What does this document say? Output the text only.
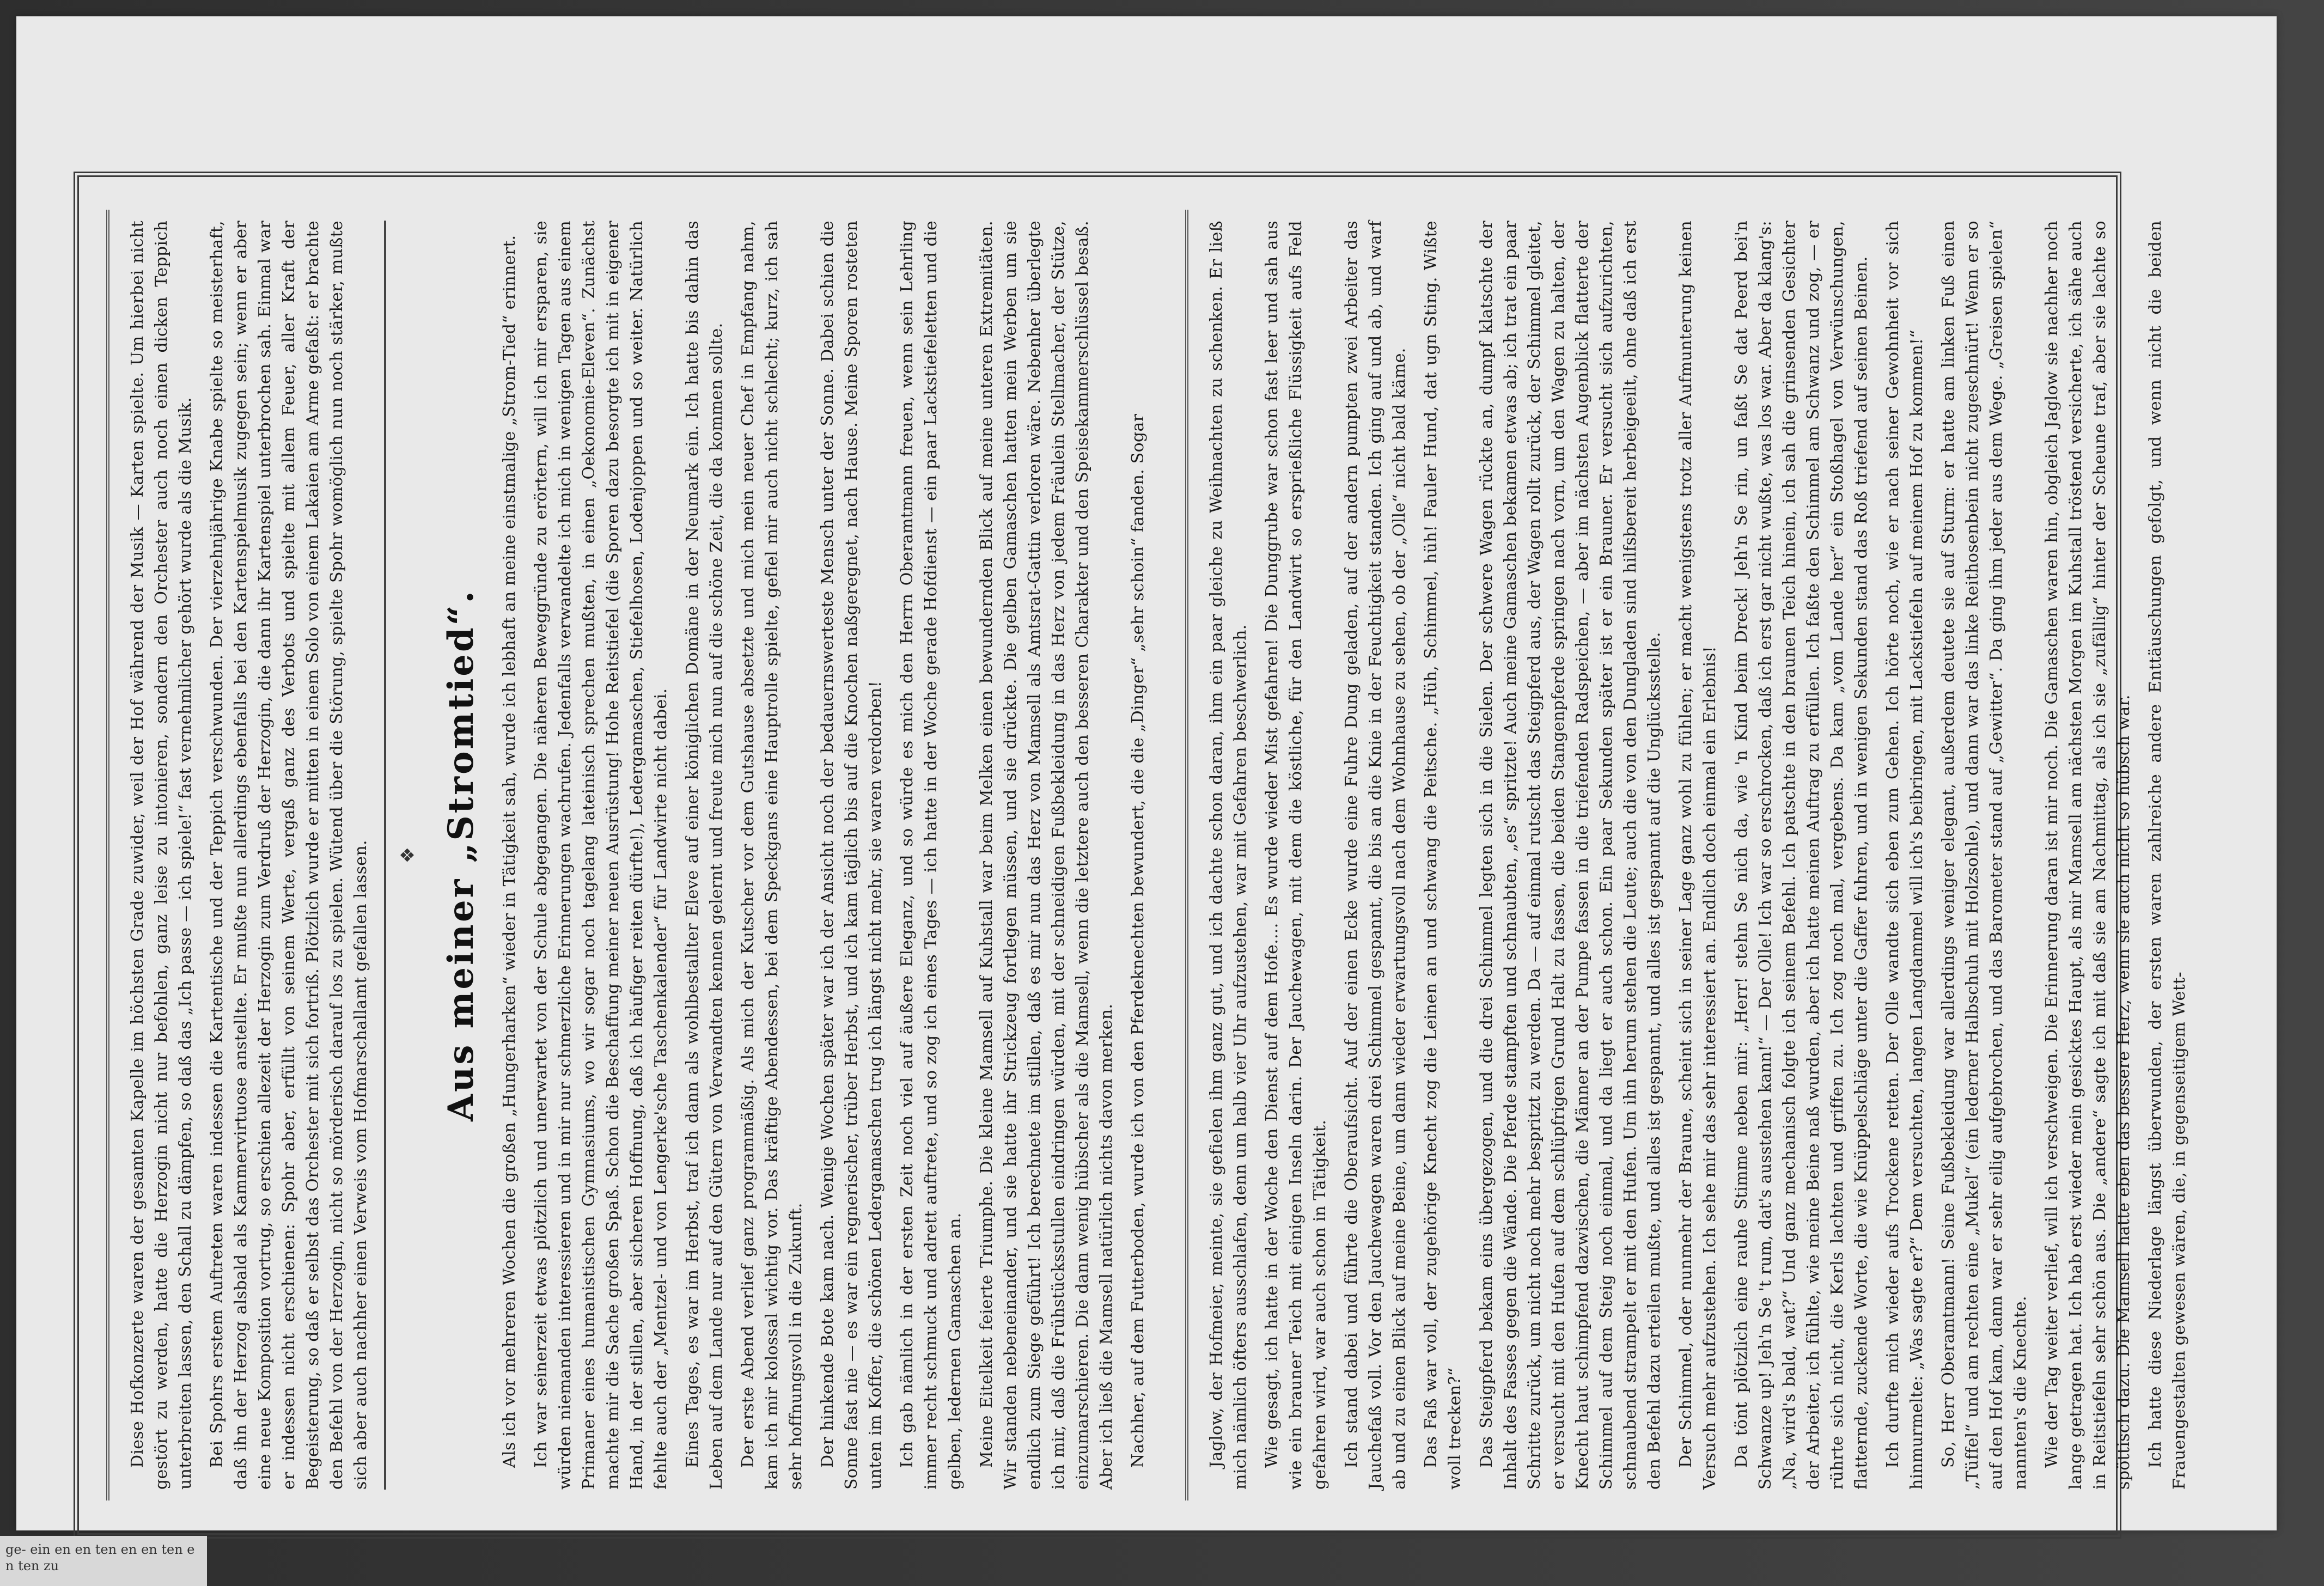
Diese Hofkonzerte waren der gesamten Kapelle im höchsten Grade zuwider, weil der Hof während der Musik — Karten spielte. Um hierbei nicht gestört zu werden, hatte die Herzogin nicht nur befohlen, ganz leise zu intonieren, sondern den Orchester auch noch einen dicken Teppich unterbreiten lassen, den Schall zu dämpfen, so daß das „Ich passe — ich spiele!“ fast vernehmlicher gehört wurde als die Musik. Bei Spohrs erstem Auftreten waren indessen die Kartentische und der Teppich verschwunden. Der vierzehnjährige Knabe spielte so meisterhaft, daß ihn der Herzog alsbald als Kammervirtuose anstellte. Er mußte nun allerdings ebenfalls bei den Kartenspielmusik zugegen sein; wenn er aber eine neue Komposition vortrug, so erschien allezeit der Herzogin zum Verdruß der Herzogin, die dann ihr Kartenspiel unterbrochen sah. Einmal war er indessen nicht erschienen: Spohr aber, erfüllt von seinem Werte, vergaß ganz des Verbots und spielte mit allem Feuer, aller Kraft der Begeisterung, so daß er selbst das Orchester mit sich fortriß. Plötzlich wurde er mitten in einem Solo von einem Lakaien am Arme gefaßt: er brachte den Befehl von der Herzogin, nicht so mörderisch darauf los zu spielen. Wütend über die Störung, spielte Spohr womöglich nun noch stärker, mußte sich aber auch nachher einen Verweis vom Hofmarschallamt gefallen lassen. ❖ Aus meiner „Stromtied“. Als ich vor mehreren Wochen die großen „Hungerharken“ wieder in Tätigkeit sah, wurde ich lebhaft an meine einstmalige „Strom-Tied“ erinnert. Ich war seinerzeit etwas plötzlich und unerwartet von der Schule abgegangen. Die näheren Beweggründe zu erörtern, will ich mir ersparen, sie würden niemanden interessieren und in mir nur schmerzliche Erinnerungen wachrufen. Jedenfalls verwandelte ich mich in wenigen Tagen aus einem Primaner eines humanistischen Gymnasiums, wo wir sogar noch tagelang lateinisch sprechen mußten, in einen „Oekonomie-Eleven“. Zunächst machte mir die Sache großen Spaß. Schon die Beschaffung meiner neuen Ausrüstung! Hohe Reitstiefel (die Sporen dazu besorgte ich mit in eigener Hand, in der stillen, aber sicheren Hoffnung, daß ich häufiger reiten dürfte!), Ledergamaschen, Stiefelhosen, Lodenjoppen und so weiter. Natürlich fehlte auch der „Mentzel- und von Lengerke'sche Taschenkalender“ für Landwirte nicht dabei. Eines Tages, es war im Herbst, traf ich dann als wohlbestallter Eleve auf einer königlichen Domäne in der Neumark ein. Ich hatte bis dahin das Leben auf dem Lande nur auf den Gütern von Verwandten kennen gelernt und freute mich nun auf die schöne Zeit, die da kommen sollte. Der erste Abend verlief ganz programmäßig. Als mich der Kutscher vor dem Gutshause absetzte und mich mein neuer Chef in Empfang nahm, kam ich mir kolossal wichtig vor. Das kräftige Abendessen, bei dem Speckgans eine Hauptrolle spielte, gefiel mir auch nicht schlecht; kurz, ich sah sehr hoffnungsvoll in die Zukunft. Der hinkende Bote kam nach. Wenige Wochen später war ich der Ansicht noch der bedauernswerteste Mensch unter der Sonne. Dabei schien die Sonne fast nie — es war ein regnerischer, trüber Herbst, und ich kam täglich bis auf die Knochen naßgeregnet, nach Hause. Meine Sporen rosteten unten im Koffer, die schönen Ledergamaschen trug ich längst nicht mehr, sie waren verdorben! Ich gab nämlich in der ersten Zeit noch viel auf äußere Eleganz, und so würde es mich den Herrn Oberamtmann freuen, wenn sein Lehrling immer recht schmuck und adrett auftrete, und so zog ich eines Tages — ich hatte in der Woche gerade Hofdienst — ein paar Lackstiefeletten und die gelben, ledernen Gamaschen an. Meine Eitelkeit feierte Triumphe. Die kleine Mamsell auf Kuhstall war beim Melken einen bewundernden Blick auf meine unteren Extremitäten. Wir standen nebeneinander, und sie hatte ihr Strickzeug fortlegen müssen, und sie drückte. Die gelben Gamaschen hatten mein Werben um sie endlich zum Siege geführt! Ich berechnete im stillen, daß es mir nun das Herz von Mamsell als Amtsrat-Gattin verloren wäre. Nebenher überlegte ich mir, daß die Frühstücksstullen eindringen würden, mit der schneidigen Fußbekleidung in das Herz von jedem Fräulein Stellmacher, der Stütze, einzumarschieren. Die dann wenig hübscher als die Mamsell, wenn die letztere auch den besseren Charakter und den Speisekammerschlüssel besaß. Aber ich ließ die Mamsell natürlich nichts davon merken. Nachher, auf dem Futterboden, wurde ich von den Pferdeknechten bewundert, die die „Dinger“ „sehr schoin“ fanden. Sogar	Jaglow, der Hofmeier, meinte, sie gefielen ihm ganz gut, und ich dachte schon daran, ihm ein paar gleiche zu Weihnachten zu schenken. Er ließ mich nämlich öfters ausschlafen, denn um halb vier Uhr aufzustehen, war mit Gefahren beschwerlich. Wie gesagt, ich hatte in der Woche den Dienst auf dem Hofe.... Es wurde wieder Mist gefahren! Die Dunggrube war schon fast leer und sah aus wie ein brauner Teich mit einigen Inseln darin. Der Jauchewagen, mit dem die köstliche, für den Landwirt so ersprießliche Flüssigkeit aufs Feld gefahren wird, war auch schon in Tätigkeit. Ich stand dabei und führte die Oberaufsicht. Auf der einen Ecke wurde eine Fuhre Dung geladen, auf der andern pumpten zwei Arbeiter das Jauchefaß voll. Vor den Jauchewagen waren drei Schimmel gespannt, die bis an die Knie in der Feuchtigkeit standen. Ich ging auf und ab, und warf ab und zu einen Blick auf meine Beine, um dann wieder erwartungsvoll nach dem Wohnhause zu sehen, ob der „Olle“ nicht bald käme. Das Faß war voll, der zugehörige Knecht zog die Leinen an und schwang die Peitsche. „Hüh, Schimmel, hüh! Fauler Hund, dat ugn Sting. Wißte woll trecken?“ Das Steigpferd bekam eins übergezogen, und die drei Schimmel legten sich in die Sielen. Der schwere Wagen rückte an, dumpf klatschte der Inhalt des Fasses gegen die Wände. Die Pferde stampften und schnaubten, „es“ spritzte! Auch meine Gamaschen bekamen etwas ab; ich trat ein paar Schritte zurück, um nicht noch mehr bespritzt zu werden. Da — auf einmal rutscht das Steigpferd aus, der Wagen rollt zurück, der Schimmel gleitet, er versucht mit den Hufen auf dem schlüpfrigen Grund Halt zu fassen, die beiden Stangenpferde springen nach vorn, um den Wagen zu halten, der Knecht haut schimpfend dazwischen, die Männer an der Pumpe fassen in die triefenden Radspeichen, — aber im nächsten Augenblick flatterte der Schimmel auf dem Steig noch einmal, und da liegt er auch schon. Ein paar Sekunden später ist er ein Brauner. Er versucht sich aufzurichten, schnaubend strampelt er mit den Hufen. Um ihn herum stehen die Leute; auch die von den Dungladen sind hilfsbereit herbeigeeilt, ohne daß ich erst den Befehl dazu erteilen mußte, und alles ist gespannt, und alles ist gespannt auf die Unglücksstelle. Der Schimmel, oder nunmehr der Braune, scheint sich in seiner Lage ganz wohl zu fühlen; er macht wenigstens trotz aller Aufmunterung keinen Versuch mehr aufzustehen. Ich sehe mir das sehr interessiert an. Endlich doch einmal ein Erlebnis! Da tönt plötzlich eine rauhe Stimme neben mir: „Herr! stehn Se nich da, wie 'n Kind beim Dreck! Jeh'n Se rin, un faßt Se dat Peerd bei'n Schwanze up! Jeh'n Se 't rum, dat's ausstehen kann!“ — Der Olle! Ich war so erschrocken, daß ich erst gar nicht wußte, was los war. Aber da klang's: „Na, wird's bald, wat?“ Und ganz mechanisch folgte ich seinem Befehl. Ich patschte in den braunen Teich hinein, ich sah die grinsenden Gesichter der Arbeiter, ich fühlte, wie meine Beine naß wurden, aber ich hatte meinen Auftrag zu erfüllen. Ich faßte den Schimmel am Schwanz und zog, — er rührte sich nicht, die Kerls lachten und griffen zu. Ich zog noch mal, vergebens. Da kam „vom Lande her“ ein Stoßhagel von Verwünschungen, flatternde, zuckende Worte, die wie Knüppelschläge unter die Gaffer fuhren, und in wenigen Sekunden stand das Roß triefend auf seinen Beinen. Ich durfte mich wieder aufs Trockene retten. Der Olle wandte sich eben zum Gehen. Ich hörte noch, wie er nach seiner Gewohnheit vor sich hinmurmelte: „Was sagte er?“ Dem versuchten, langen Langdammel will ich's beibringen, mit Lackstiefeln auf meinem Hof zu kommen!“ So, Herr Oberamtmann! Seine Fußbekleidung war allerdings weniger elegant, außerdem deutete sie auf Sturm: er hatte am linken Fuß einen „Tüffel“ und am rechten eine „Mukel“ (ein lederner Halbschuh mit Holzsohle), und dann war das linke Reithosenbein nicht zugeschnürt! Wenn er so auf den Hof kam, dann war er sehr eilig aufgebrochen, und das Barometer stand auf „Gewitter“. Da ging ihm jeder aus dem Wege. „Greisen spielen“ nannten's die Knechte. Wie der Tag weiter verlief, will ich verschweigen. Die Erinnerung daran ist mir noch. Die Gamaschen waren hin, obgleich Jaglow sie nachher noch lange getragen hat. Ich hab erst wieder mein gesicktes Haupt, als mir Mamsell am nächsten Morgen im Kuhstall tröstend versicherte, ich sähe auch in Reitstiefeln sehr schön aus. Die „andere“ sagte ich mit daß sie am Nachmittag, als ich sie „zufällig“ hinter der Scheune traf, aber sie lachte so spöttisch dazu. Die Mamsell hatte eben das bessere Herz, wenn sie auch nicht so hübsch war. Ich hatte diese Niederlage längst überwunden, der ersten waren zahlreiche andere Enttäuschungen gefolgt, und wenn nicht die beiden Frauengestalten gewesen wären, die, in gegenseitigem Wett-

ge- ein en en ten en en ten en ten zu
